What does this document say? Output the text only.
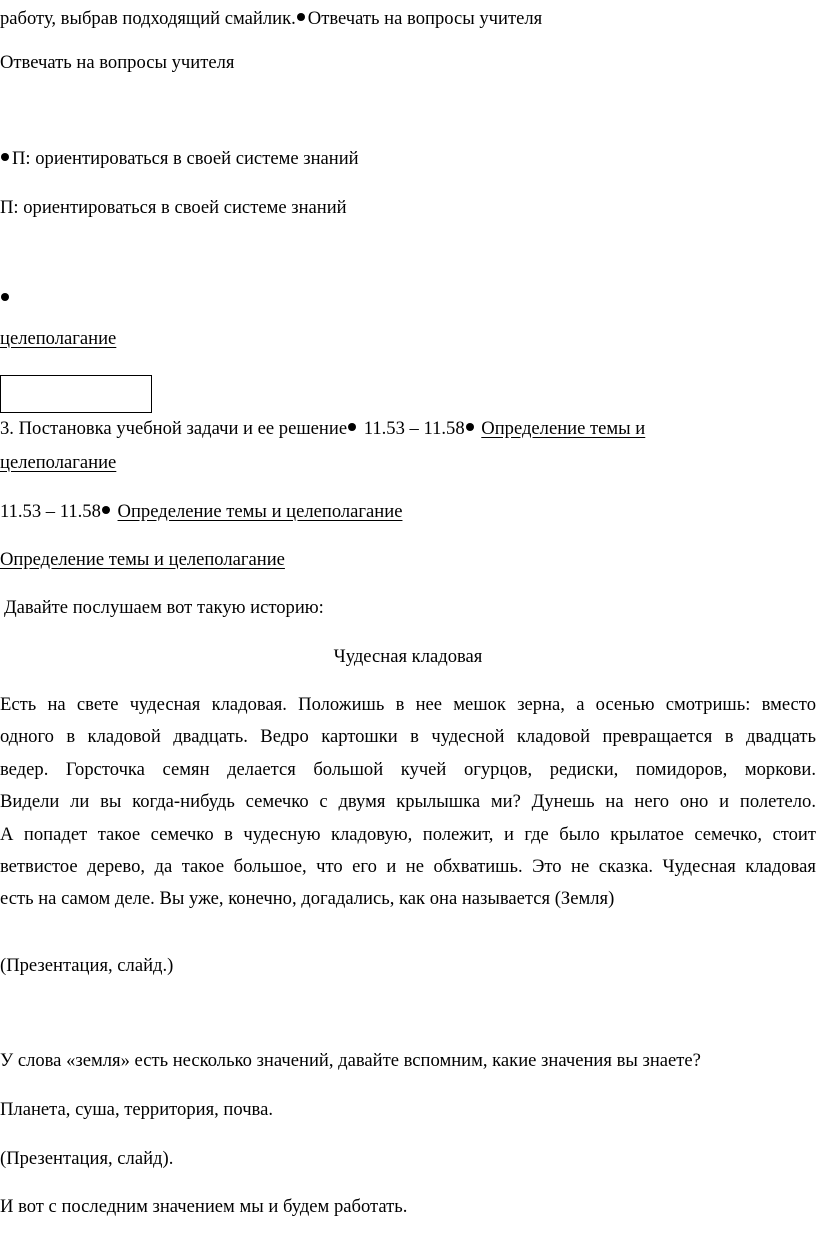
работу, выбрав подходящий смайлик. Отвечать на вопросы учителя
Отвечать на вопросы учителя
П: ориентироваться в своей системе знаний
П: ориентироваться в своей системе знаний
целеполагание
3. Постановка учебной задачи и ее решение 11.53 – 11.58 Определение темы и
целеполагание
11.53 – 11.58 Определение темы и целеполагание
Определение темы и целеполагание
Давайте послушаем вот такую историю:
Чудесная кладовая
Есть на свете чудесная кладовая. Положишь в нее мешок зерна, а осенью смотришь: вместо
одного в кладовой двадцать. Ведро картошки в чудесной кладовой превращается в двадцать
ведер. Горсточка семян делается большой кучей огурцов, редиски, помидоров, моркови.
Видели ли вы когда-нибудь семечко с двумя крылышка ми? Дунешь на него оно и полетело.
А попадет такое семечко в чудесную кладовую, полежит, и где было крылатое семечко, стоит
ветвистое дерево, да такое большое, что его и не обхватишь. Это не сказка. Чудесная кладовая
есть на самом деле. Вы уже, конечно, догадались, как она называется (Земля)
(Презентация, слайд.)
У слова «земля» есть несколько значений, давайте вспомним, какие значения вы знаете?
Планета, суша, территория, почва.
(Презентация, слайд).
И вот с последним значением мы и будем работать.
